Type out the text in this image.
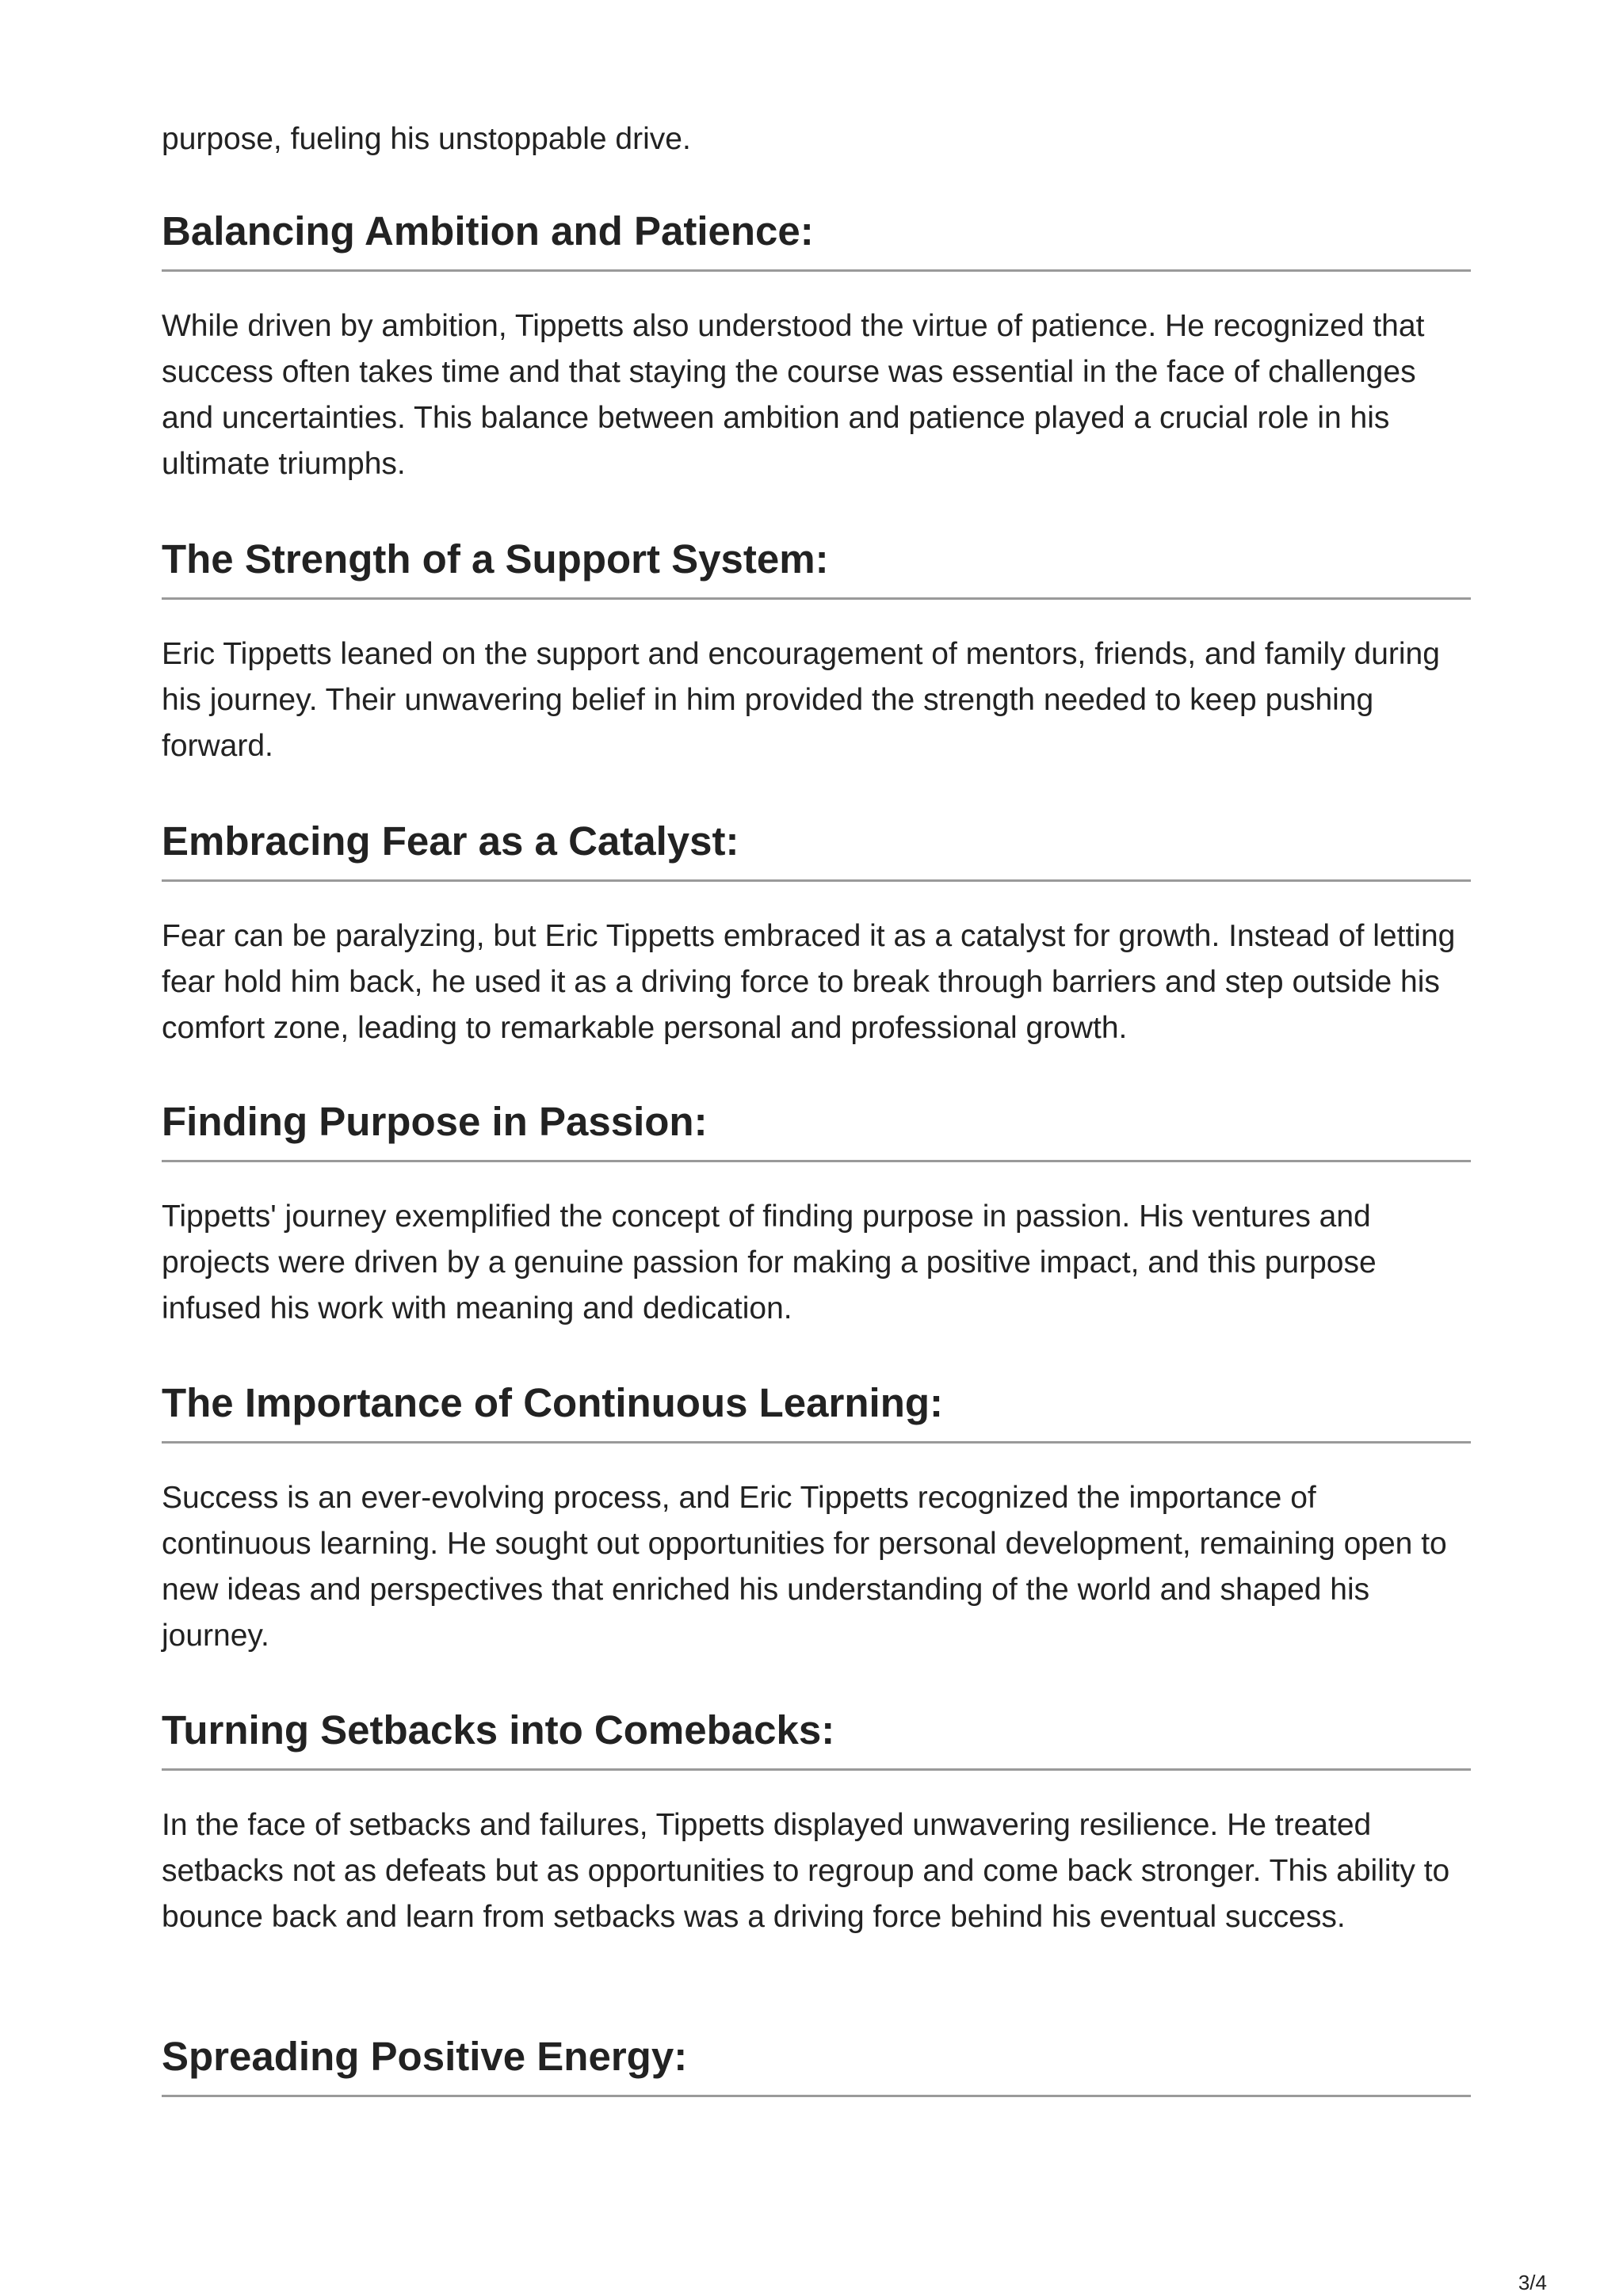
purpose, fueling his unstoppable drive.

Balancing Ambition and Patience:

While driven by ambition, Tippetts also understood the virtue of patience. He recognized that success often takes time and that staying the course was essential in the face of challenges and uncertainties. This balance between ambition and patience played a crucial role in his ultimate triumphs.

The Strength of a Support System:

Eric Tippetts leaned on the support and encouragement of mentors, friends, and family during his journey. Their unwavering belief in him provided the strength needed to keep pushing forward.

Embracing Fear as a Catalyst:

Fear can be paralyzing, but Eric Tippetts embraced it as a catalyst for growth. Instead of letting fear hold him back, he used it as a driving force to break through barriers and step outside his comfort zone, leading to remarkable personal and professional growth.

Finding Purpose in Passion:

Tippetts' journey exemplified the concept of finding purpose in passion. His ventures and projects were driven by a genuine passion for making a positive impact, and this purpose infused his work with meaning and dedication.

The Importance of Continuous Learning:

Success is an ever-evolving process, and Eric Tippetts recognized the importance of continuous learning. He sought out opportunities for personal development, remaining open to new ideas and perspectives that enriched his understanding of the world and shaped his journey.

Turning Setbacks into Comebacks:

In the face of setbacks and failures, Tippetts displayed unwavering resilience. He treated setbacks not as defeats but as opportunities to regroup and come back stronger. This ability to bounce back and learn from setbacks was a driving force behind his eventual success.

Spreading Positive Energy:
3/4
